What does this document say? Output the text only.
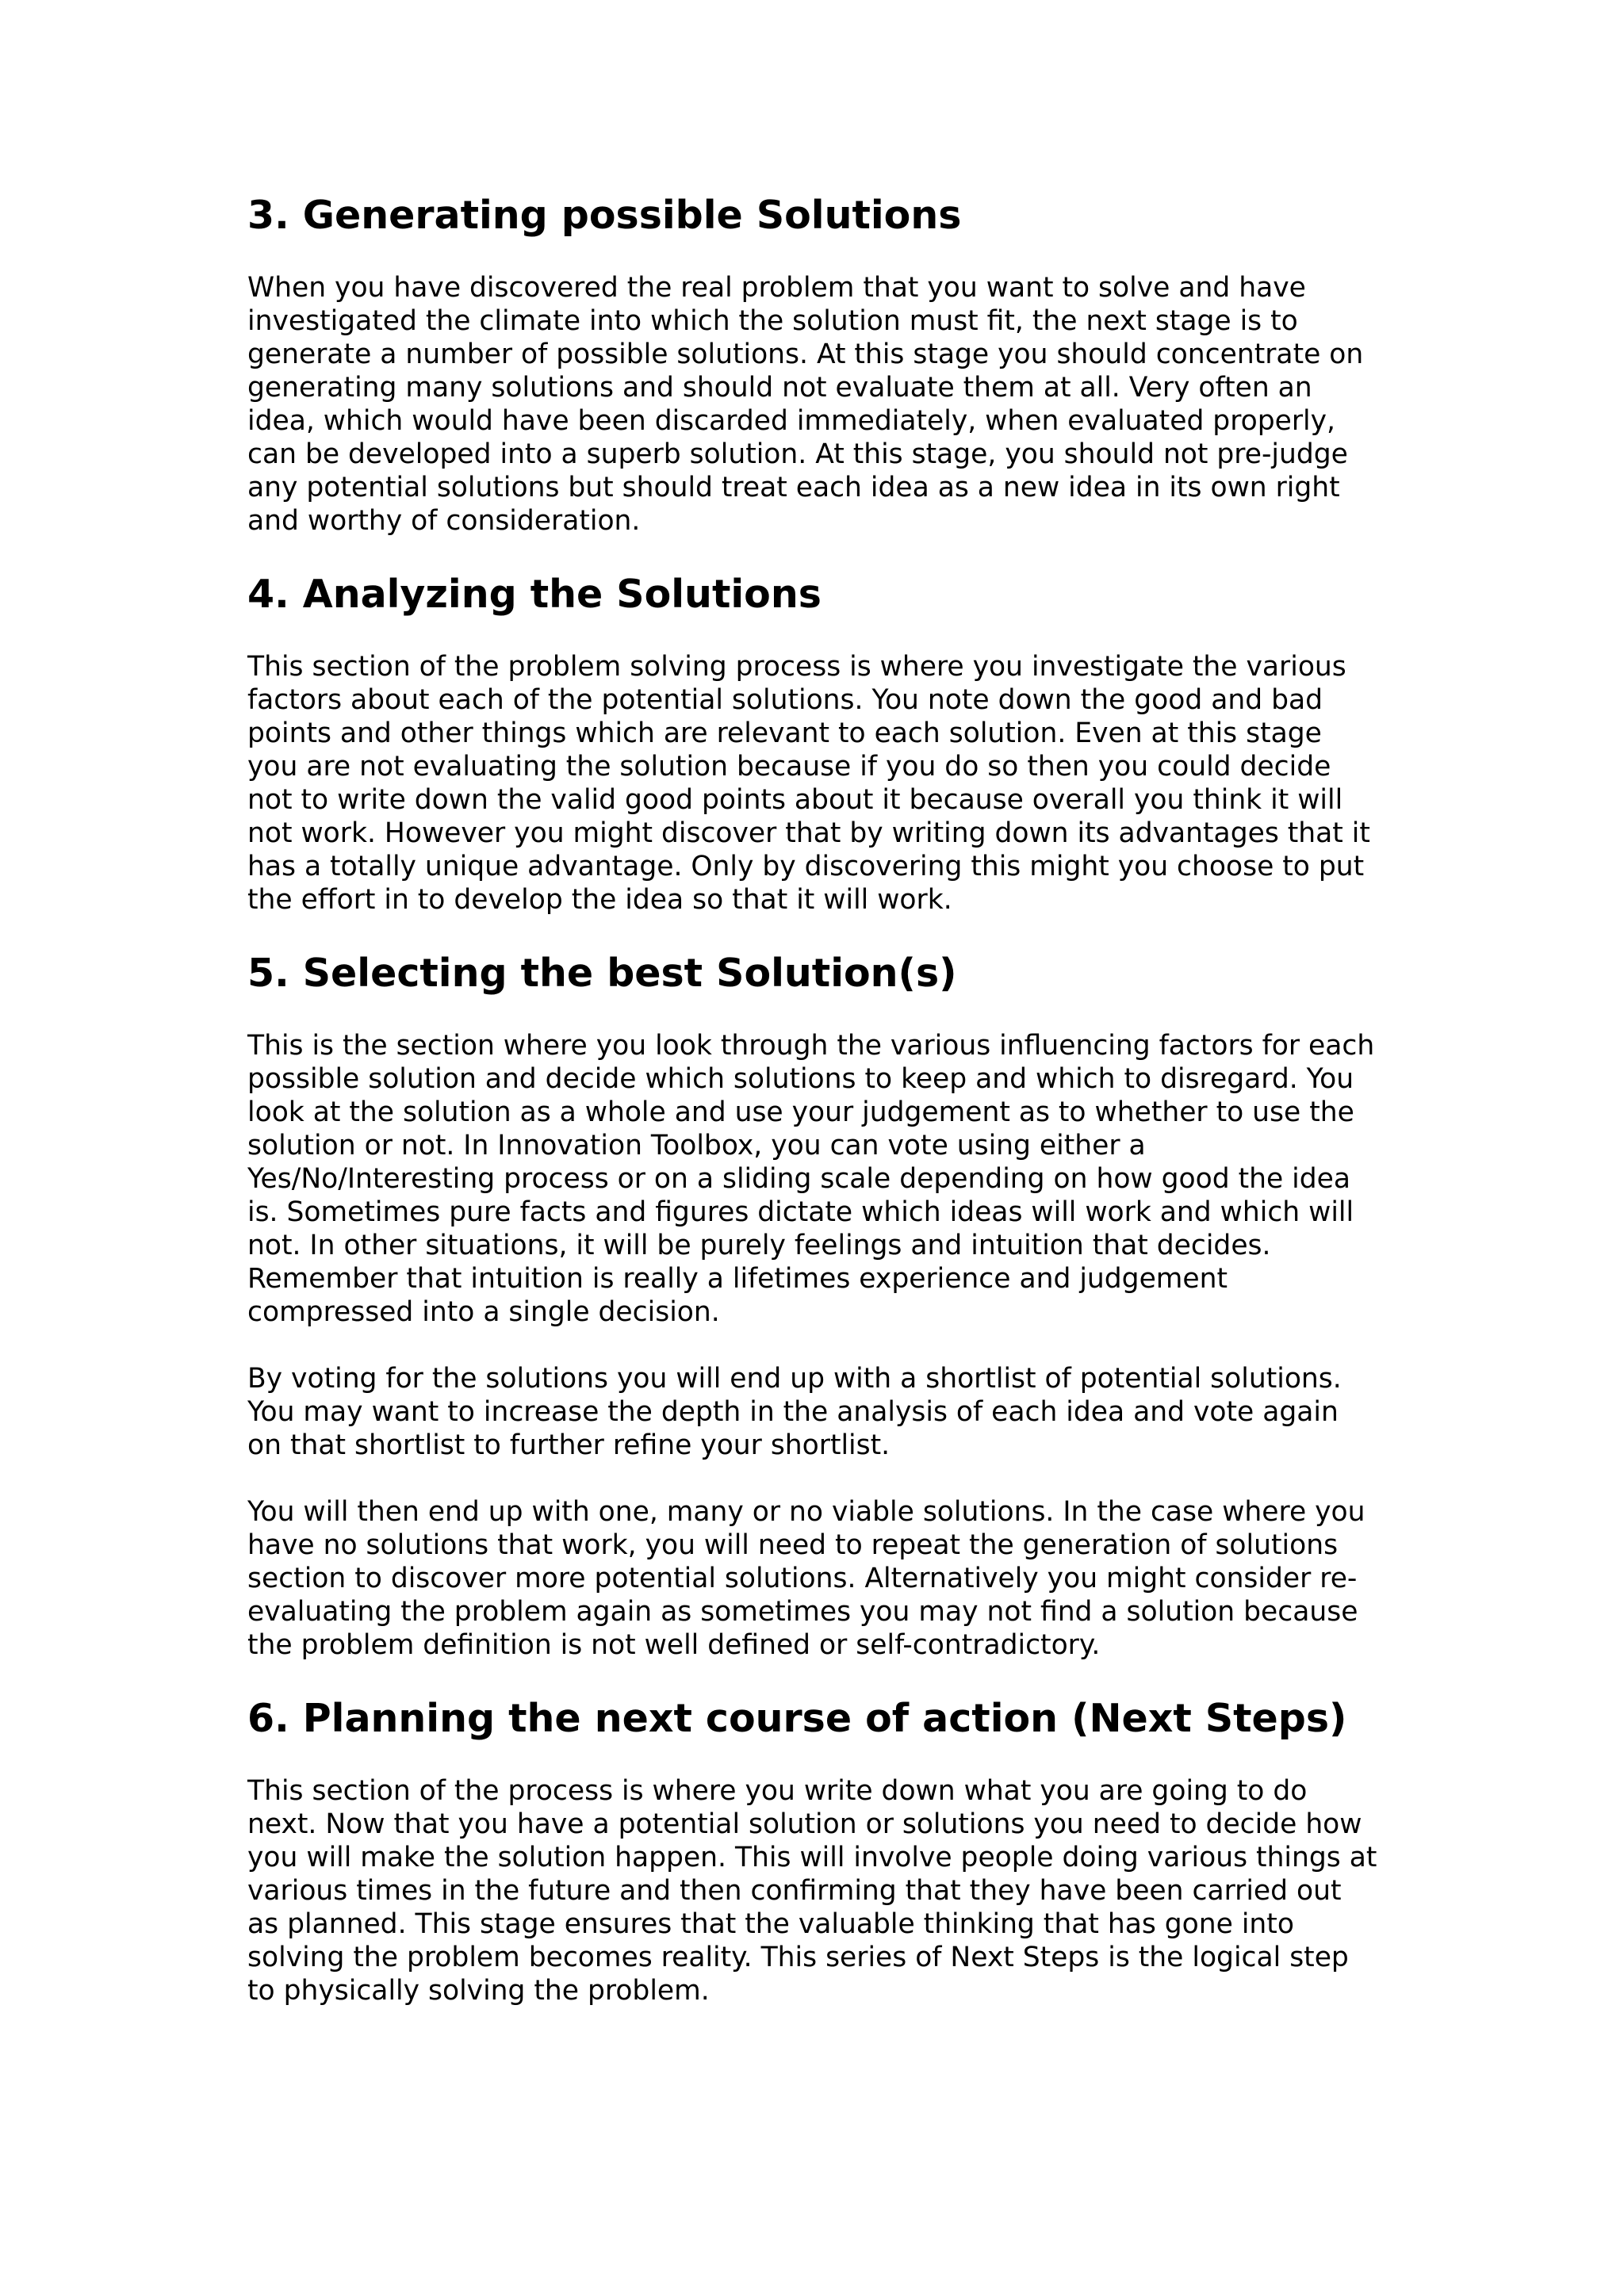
3. Generating possible Solutions

When you have discovered the real problem that you want to solve and have
investigated the climate into which the solution must fit, the next stage is to
generate a number of possible solutions. At this stage you should concentrate on
generating many solutions and should not evaluate them at all. Very often an
idea, which would have been discarded immediately, when evaluated properly,
can be developed into a superb solution. At this stage, you should not pre-judge
any potential solutions but should treat each idea as a new idea in its own right
and worthy of consideration.

4. Analyzing the Solutions

This section of the problem solving process is where you investigate the various
factors about each of the potential solutions. You note down the good and bad
points and other things which are relevant to each solution. Even at this stage
you are not evaluating the solution because if you do so then you could decide
not to write down the valid good points about it because overall you think it will
not work. However you might discover that by writing down its advantages that it
has a totally unique advantage. Only by discovering this might you choose to put
the effort in to develop the idea so that it will work.

5. Selecting the best Solution(s)

This is the section where you look through the various influencing factors for each
possible solution and decide which solutions to keep and which to disregard. You
look at the solution as a whole and use your judgement as to whether to use the
solution or not. In Innovation Toolbox, you can vote using either a
Yes/No/Interesting process or on a sliding scale depending on how good the idea
is. Sometimes pure facts and figures dictate which ideas will work and which will
not. In other situations, it will be purely feelings and intuition that decides.
Remember that intuition is really a lifetimes experience and judgement
compressed into a single decision.

By voting for the solutions you will end up with a shortlist of potential solutions.
You may want to increase the depth in the analysis of each idea and vote again
on that shortlist to further refine your shortlist.

You will then end up with one, many or no viable solutions. In the case where you
have no solutions that work, you will need to repeat the generation of solutions
section to discover more potential solutions. Alternatively you might consider re-
evaluating the problem again as sometimes you may not find a solution because
the problem definition is not well defined or self-contradictory.

6. Planning the next course of action (Next Steps)

This section of the process is where you write down what you are going to do
next. Now that you have a potential solution or solutions you need to decide how
you will make the solution happen. This will involve people doing various things at
various times in the future and then confirming that they have been carried out
as planned. This stage ensures that the valuable thinking that has gone into
solving the problem becomes reality. This series of Next Steps is the logical step
to physically solving the problem.
